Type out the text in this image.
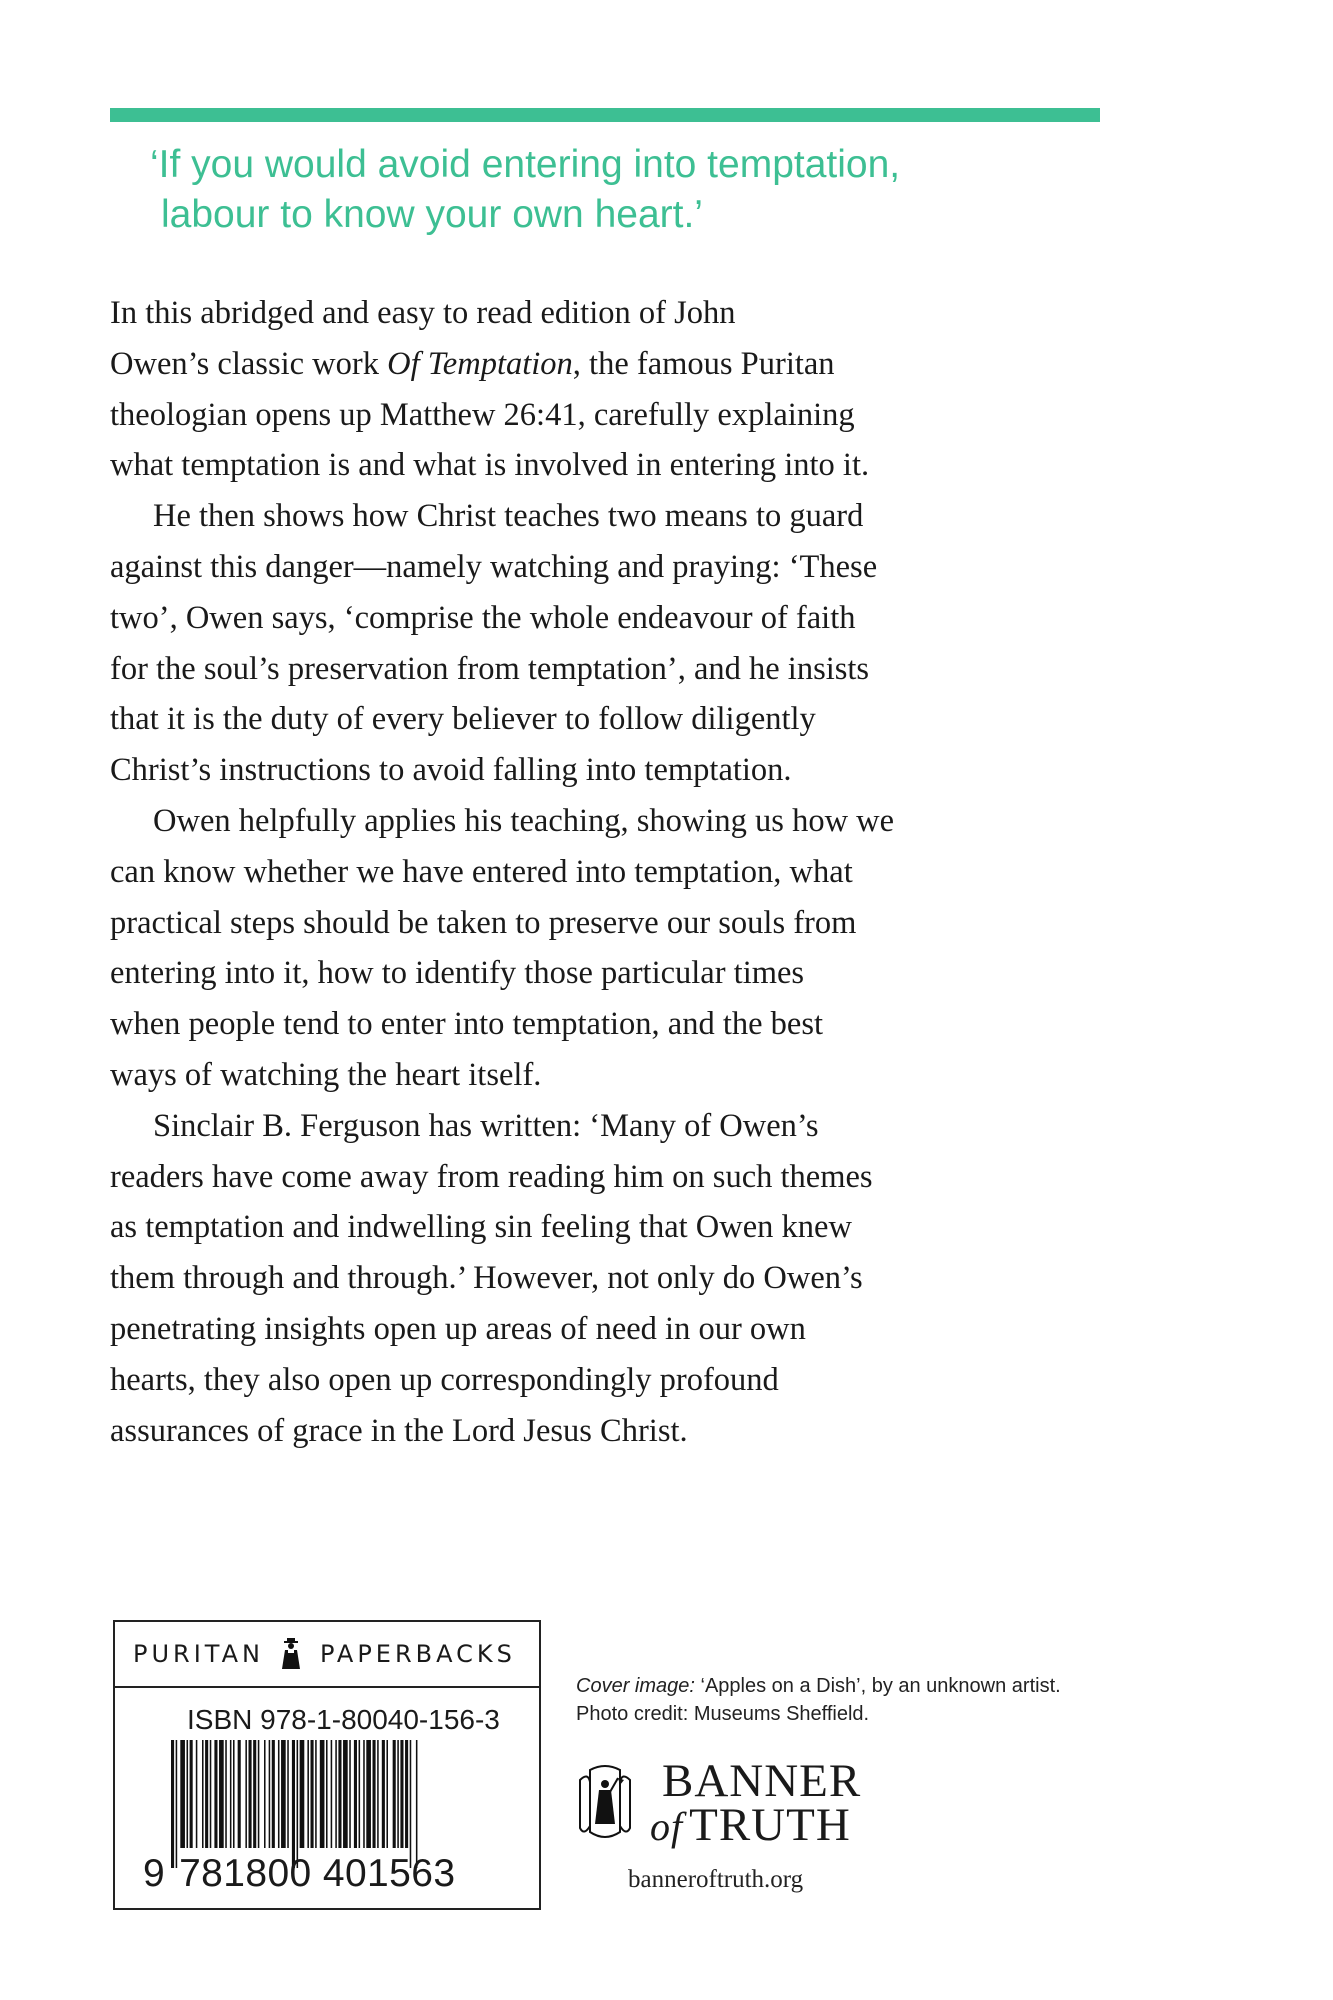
‘If you would avoid entering into temptation,
labour to know your own heart.’
In this abridged and easy to read edition of John
Owen’s classic work Of Temptation, the famous Puritan
theologian opens up Matthew 26:41, carefully explaining
what temptation is and what is involved in entering into it.
He then shows how Christ teaches two means to guard
against this danger—namely watching and praying: ‘These
two’, Owen says, ‘comprise the whole endeavour of faith
for the soul’s preservation from temptation’, and he insists
that it is the duty of every believer to follow diligently
Christ’s instructions to avoid falling into temptation.
Owen helpfully applies his teaching, showing us how we
can know whether we have entered into temptation, what
practical steps should be taken to preserve our souls from
entering into it, how to identify those particular times
when people tend to enter into temptation, and the best
ways of watching the heart itself.
Sinclair B. Ferguson has written: ‘Many of Owen’s
readers have come away from reading him on such themes
as temptation and indwelling sin feeling that Owen knew
them through and through.’ However, not only do Owen’s
penetrating insights open up areas of need in our own
hearts, they also open up correspondingly profound
assurances of grace in the Lord Jesus Christ.
PURITAN PAPERBACKS
ISBN 978-1-80040-156-3
9 781800 401563
Cover image: ‘Apples on a Dish’, by an unknown artist.
Photo credit: Museums Sheffield.
BANNER
of TRUTH
banneroftruth.org
